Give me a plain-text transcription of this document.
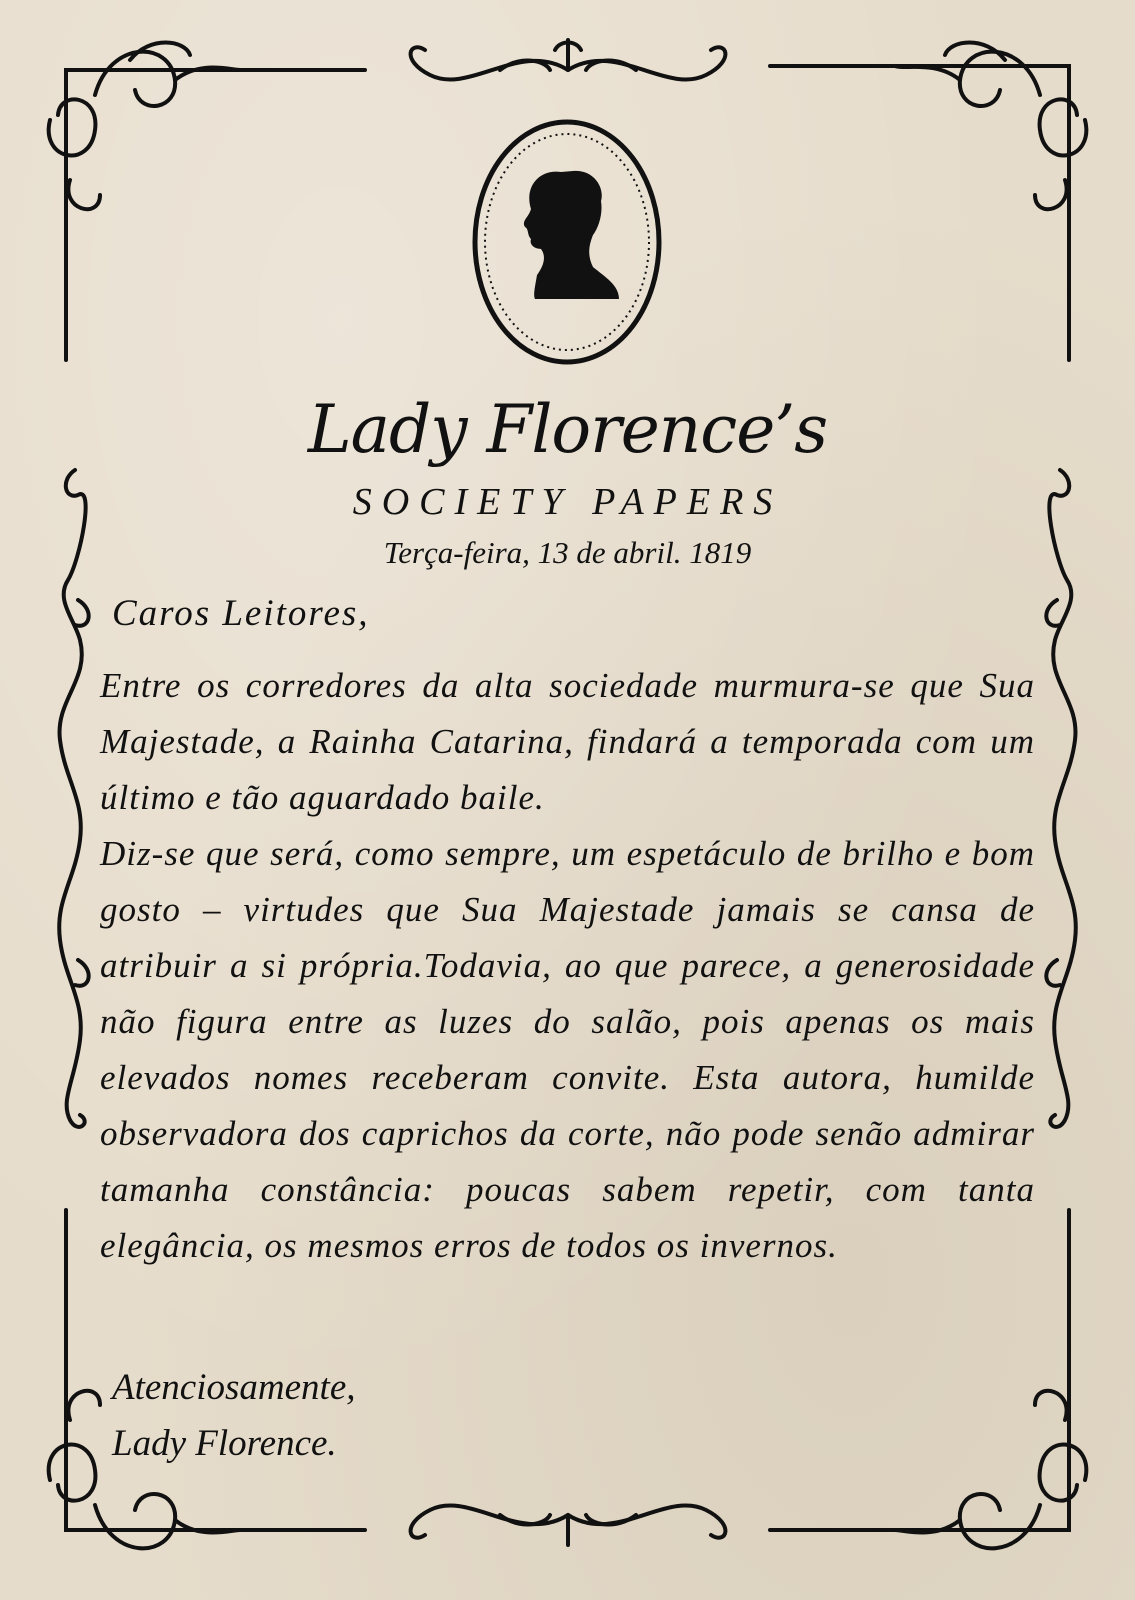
Lady Florence’s
SOCIETY PAPERS
Terça-feira, 13 de abril. 1819
Caros Leitores,

Entre os corredores da alta sociedade murmura-se que Sua Majestade, a Rainha Catarina, findará a temporada com um último e tão aguardado baile.

Diz-se que será, como sempre, um espetáculo de brilho e bom gosto – virtudes que Sua Majestade jamais se cansa de atribuir a si própria.Todavia, ao que parece, a generosidade não figura entre as luzes do salão, pois apenas os mais elevados nomes receberam convite. Esta autora, humilde observadora dos caprichos da corte, não pode senão admirar tamanha constância: poucas sabem repetir, com tanta elegância, os mesmos erros de todos os invernos.

Atenciosamente,
Lady Florence.
